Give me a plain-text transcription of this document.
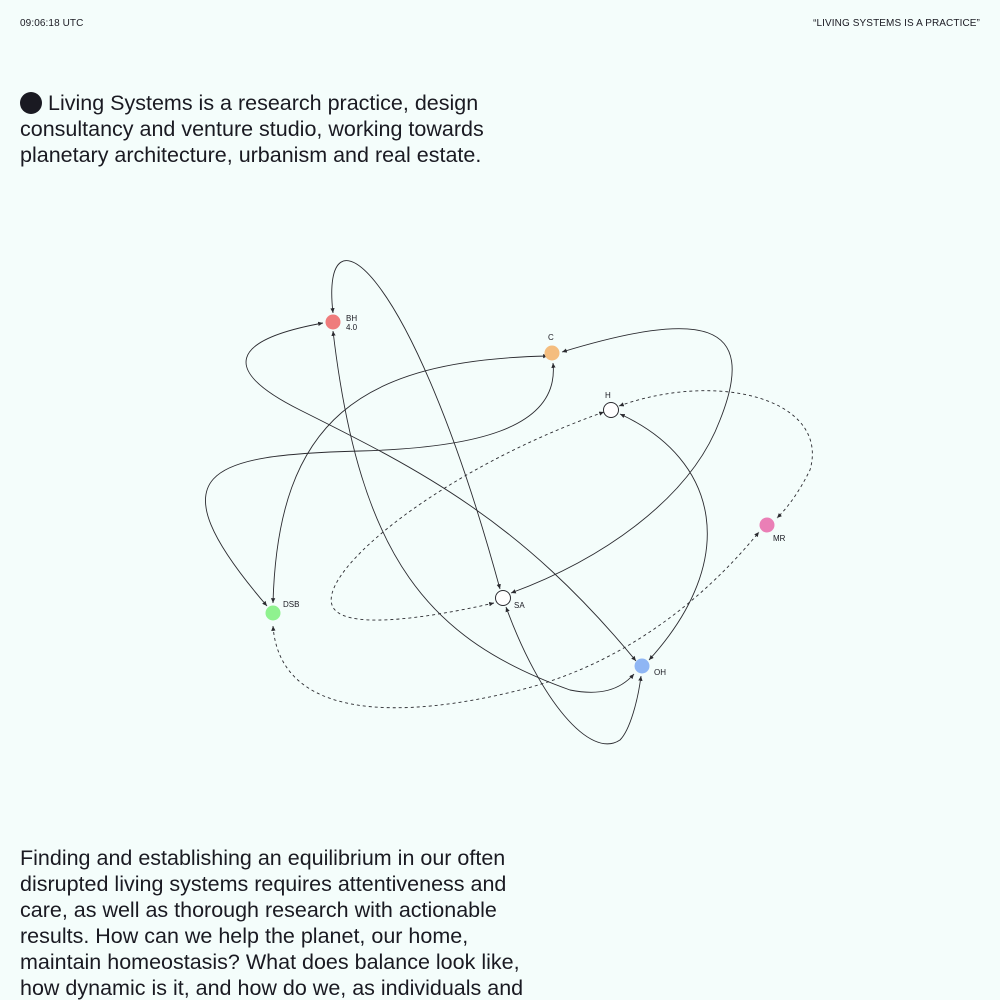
09:06:18 UTC	“LIVING SYSTEMS IS A PRACTICE”
Living Systems is a research practice, design consultancy and venture studio, working towards planetary architecture, urbanism and real estate.
BH
4.0
C
H
MR
DSB	SA
OH
Finding and establishing an equilibrium in our often disrupted living systems requires attentiveness and care, as well as thorough research with actionable results. How can we help the planet, our home, maintain homeostasis? What does balance look like, how dynamic is it, and how do we, as individuals and
